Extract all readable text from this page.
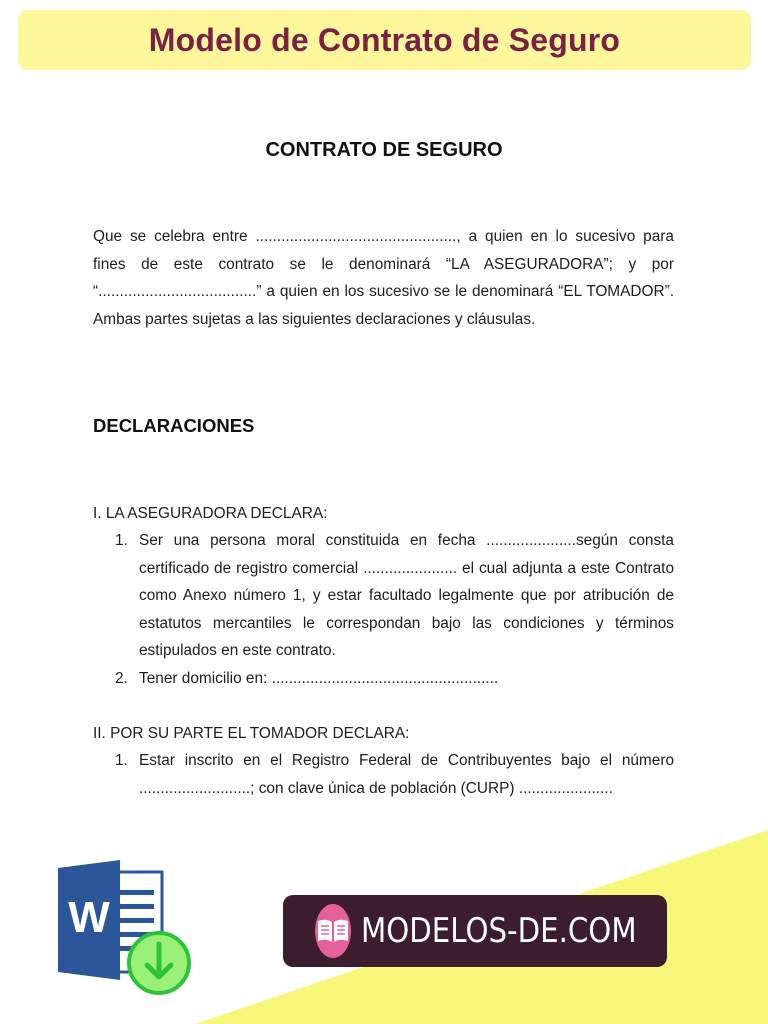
Modelo de Contrato de Seguro
CONTRATO DE SEGURO
Que se celebra entre ..............................................., a quien en lo sucesivo para fines de este contrato se le denominará “LA ASEGURADORA”; y por “.....................................” a quien en los sucesivo se le denominará “EL TOMADOR”. Ambas partes sujetas a las siguientes declaraciones y cláusulas.
DECLARACIONES
I. LA ASEGURADORA DECLARA:
1. Ser una persona moral constituida en fecha .....................según consta certificado de registro comercial ...................... el cual adjunta a este Contrato como Anexo número 1, y estar facultado legalmente que por atribución de estatutos mercantiles le correspondan bajo las condiciones y términos estipulados en este contrato.
2. Tener domicilio en: .....................................................
II. POR SU PARTE EL TOMADOR DECLARA:
1. Estar inscrito en el Registro Federal de Contribuyentes bajo el número ..........................; con clave única de población (CURP) ......................
W	MODELOS-DE.COM
